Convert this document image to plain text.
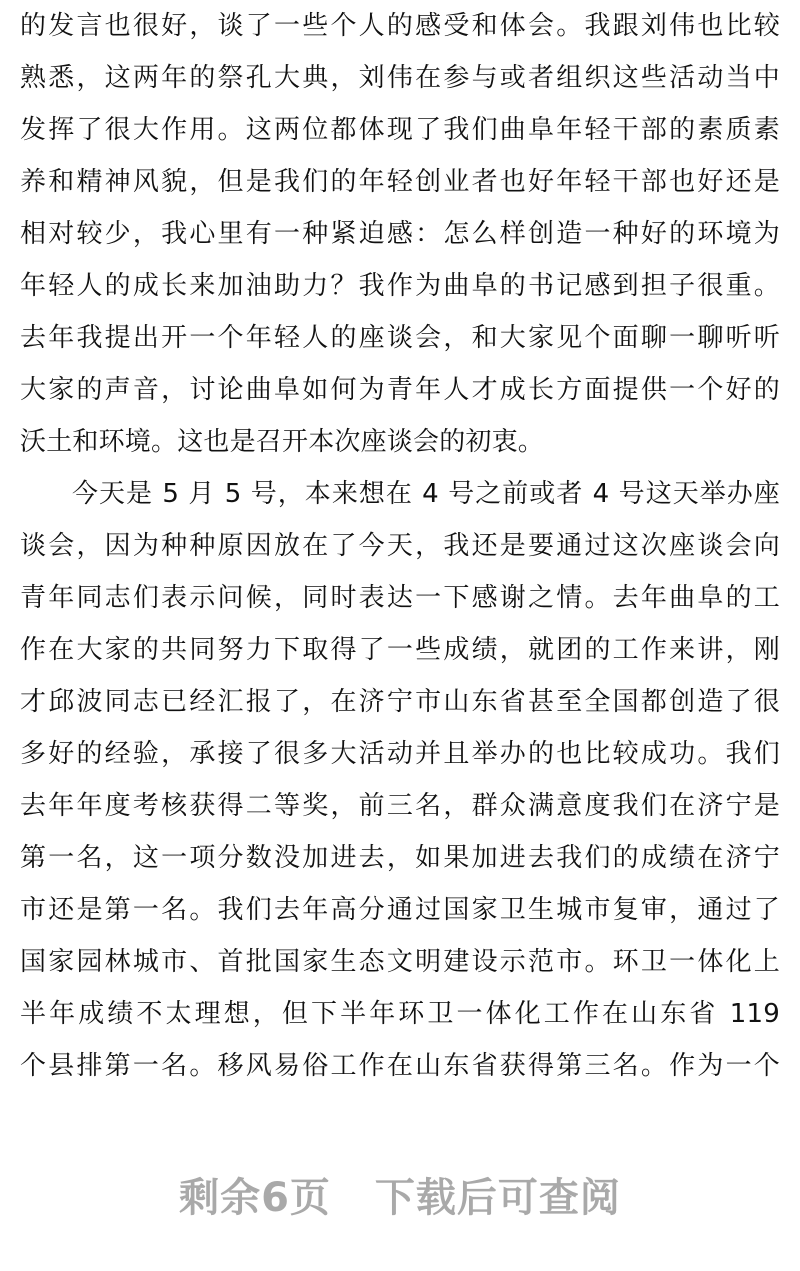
的发言也很好，谈了一些个人的感受和体会。我跟刘伟也比较
熟悉，这两年的祭孔大典，刘伟在参与或者组织这些活动当中
发挥了很大作用。这两位都体现了我们曲阜年轻干部的素质素
养和精神风貌，但是我们的年轻创业者也好年轻干部也好还是
相对较少，我心里有一种紧迫感：怎么样创造一种好的环境为
年轻人的成长来加油助力？我作为曲阜的书记感到担子很重。
去年我提出开一个年轻人的座谈会，和大家见个面聊一聊听听
大家的声音，讨论曲阜如何为青年人才成长方面提供一个好的
沃土和环境。这也是召开本次座谈会的初衷。
今天是 5 月 5 号，本来想在 4 号之前或者 4 号这天举办座
谈会，因为种种原因放在了今天，我还是要通过这次座谈会向
青年同志们表示问候，同时表达一下感谢之情。去年曲阜的工
作在大家的共同努力下取得了一些成绩，就团的工作来讲，刚
才邱波同志已经汇报了，在济宁市山东省甚至全国都创造了很
多好的经验，承接了很多大活动并且举办的也比较成功。我们
去年年度考核获得二等奖，前三名，群众满意度我们在济宁是
第一名，这一项分数没加进去，如果加进去我们的成绩在济宁
市还是第一名。我们去年高分通过国家卫生城市复审，通过了
国家园林城市、首批国家生态文明建设示范市。环卫一体化上
半年成绩不太理想，但下半年环卫一体化工作在山东省 119
个县排第一名。移风易俗工作在山东省获得第三名。作为一个
剩余6页 下载后可查阅
